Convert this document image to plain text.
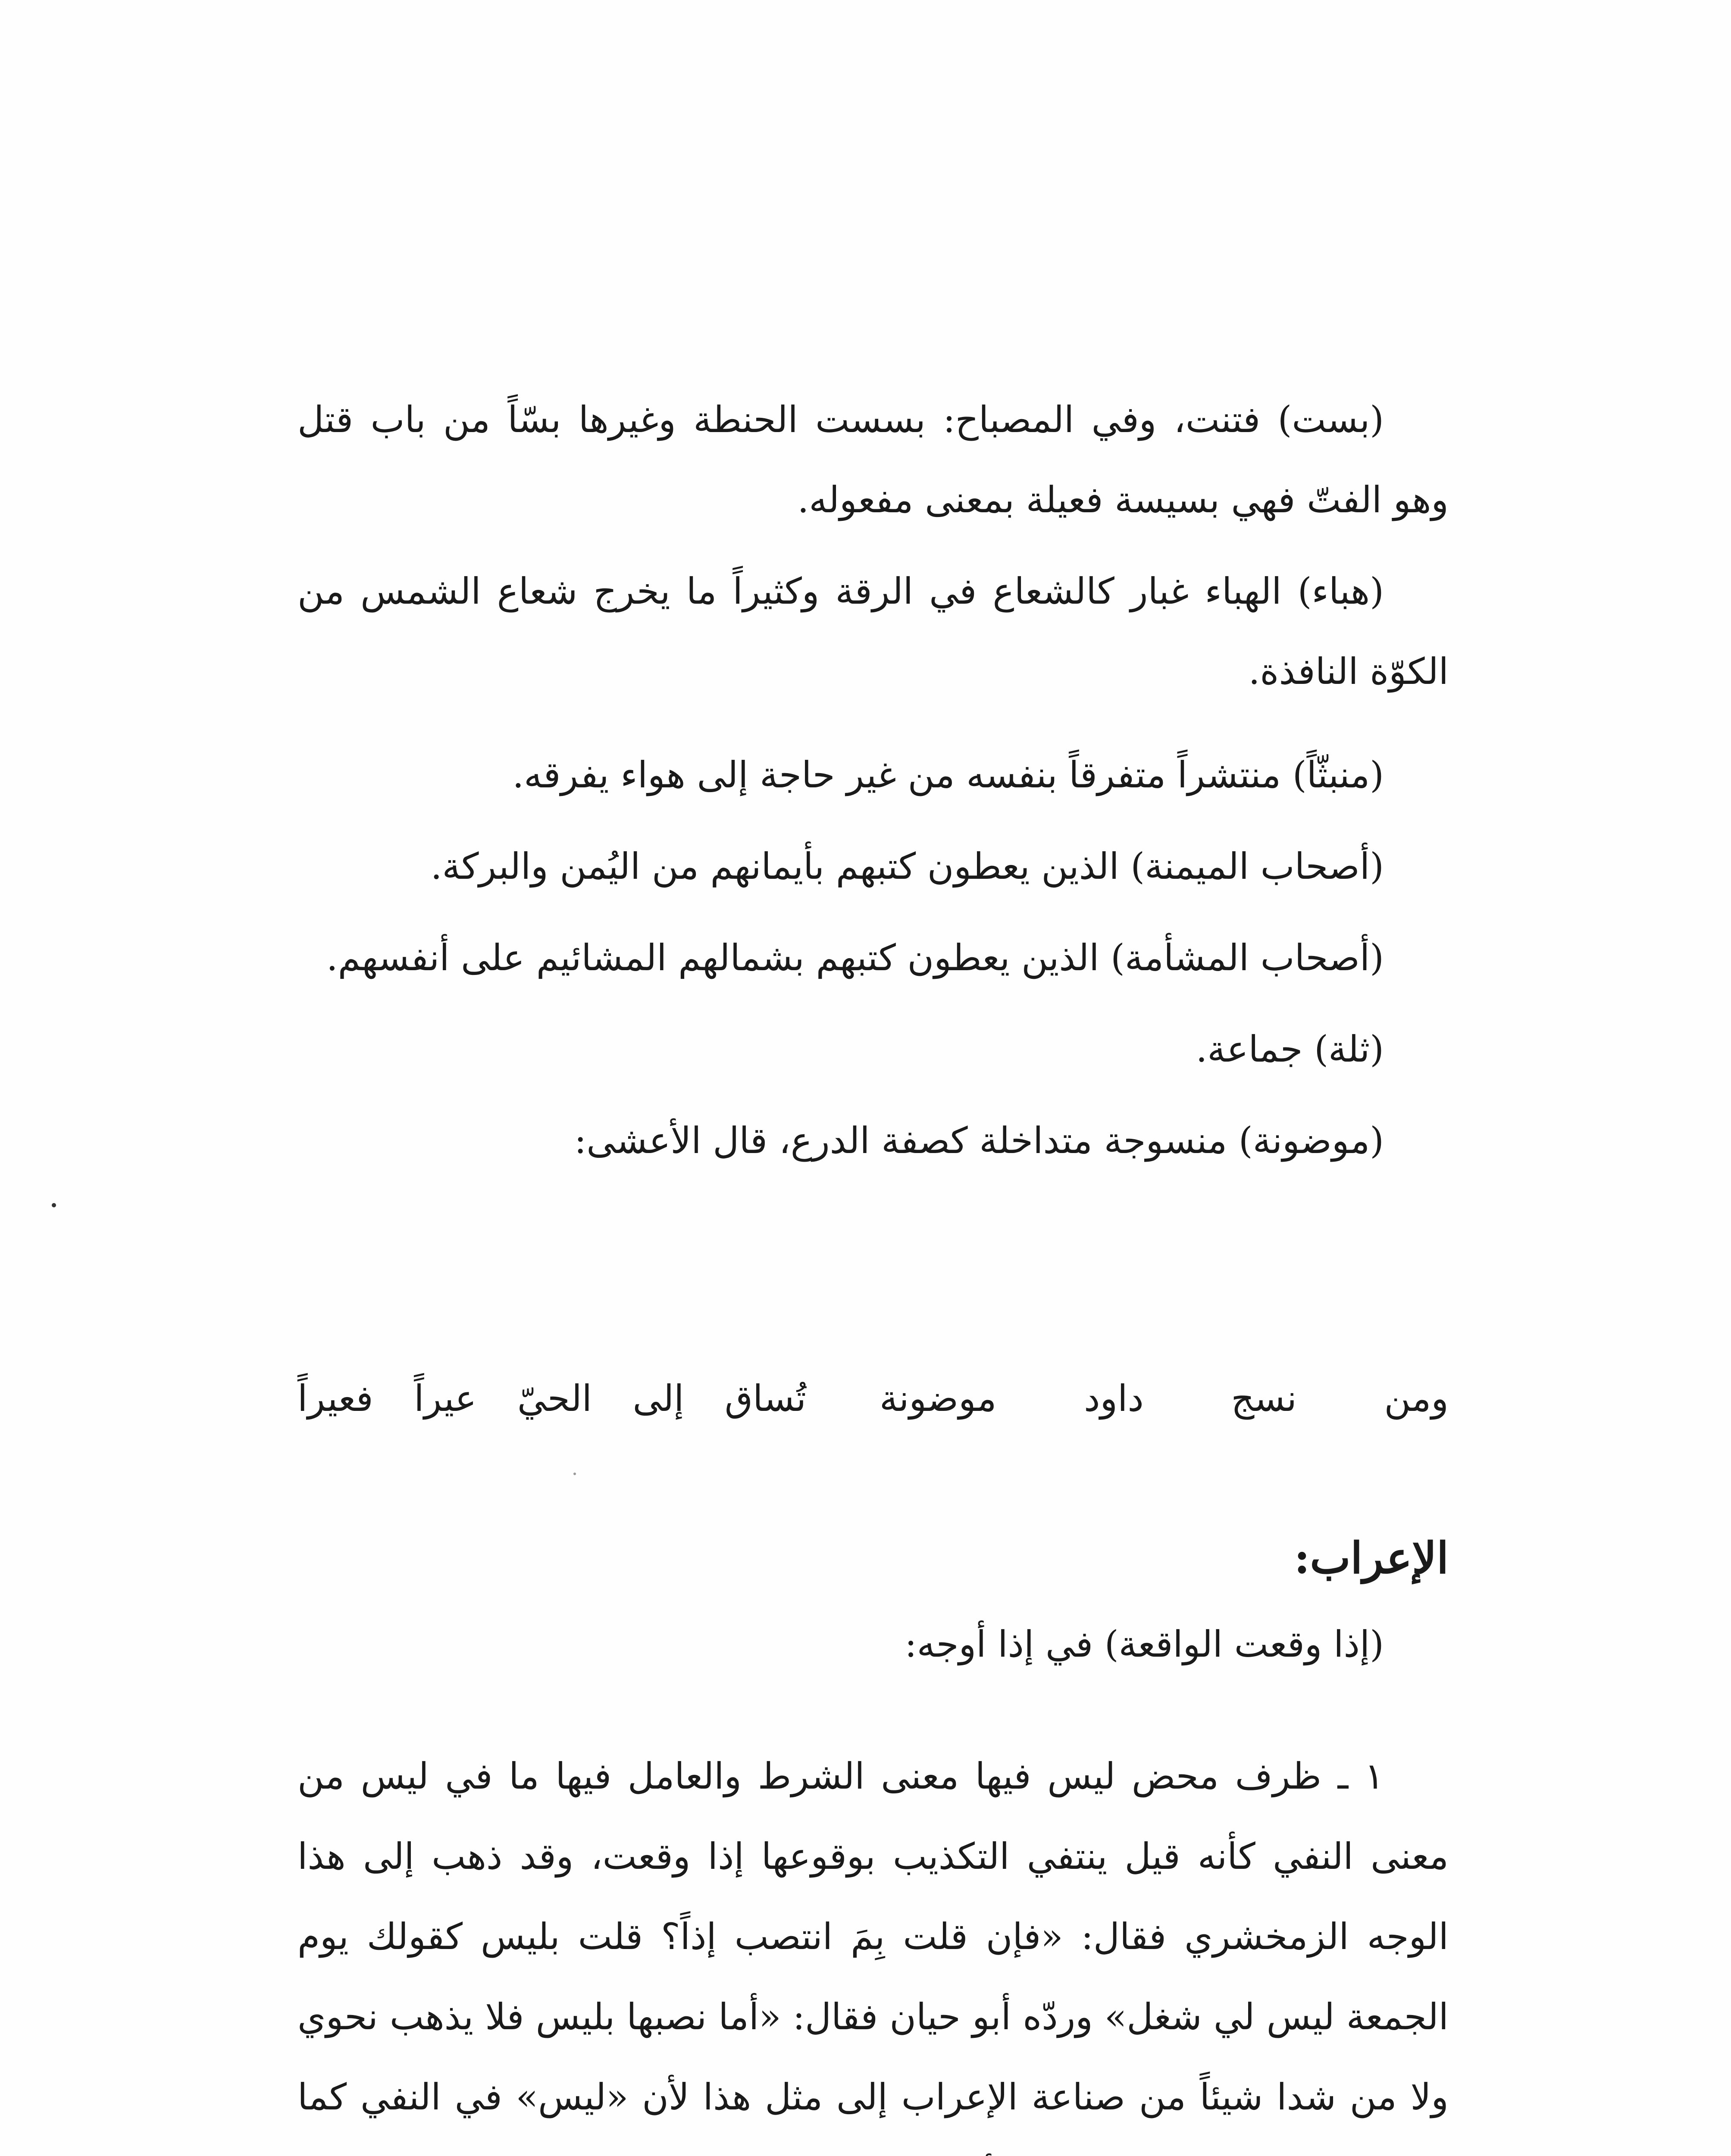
(بست) فتنت، وفي المصباح: بسست الحنطة وغيرها بسّاً من باب قتل وهو الفتّ فهي بسيسة فعيلة بمعنى مفعوله.

(هباء) الهباء غبار كالشعاع في الرقة وكثيراً ما يخرج شعاع الشمس من الكوّة النافذة.

(منبثّاً) منتشراً متفرقاً بنفسه من غير حاجة إلى هواء يفرقه.

(أصحاب الميمنة) الذين يعطون كتبهم بأيمانهم من اليُمن والبركة.

(أصحاب المشأمة) الذين يعطون كتبهم بشمالهم المشائيم على أنفسهم.

(ثلة) جماعة.

(موضونة) منسوجة متداخلة كصفة الدرع، قال الأعشى:

ومن نسج داود موضونة
تُساق إلى الحيّ عيراً فعيراً
الإعراب:

(إذا وقعت الواقعة) في إذا أوجه:

١ ـ ظرف محض ليس فيها معنى الشرط والعامل فيها ما في ليس من معنى النفي كأنه قيل ينتفي التكذيب بوقوعها إذا وقعت، وقد ذهب إلى هذا الوجه الزمخشري فقال: «فإن قلت بِمَ انتصب إذاً؟ قلت بليس كقولك يوم الجمعة ليس لي شغل» وردّه أبو حيان فقال: «أما نصبها بليس فلا يذهب نحوي ولا من شدا شيئاً من صناعة الإعراب إلى مثل هذا لأن «ليس» في النفي كما
